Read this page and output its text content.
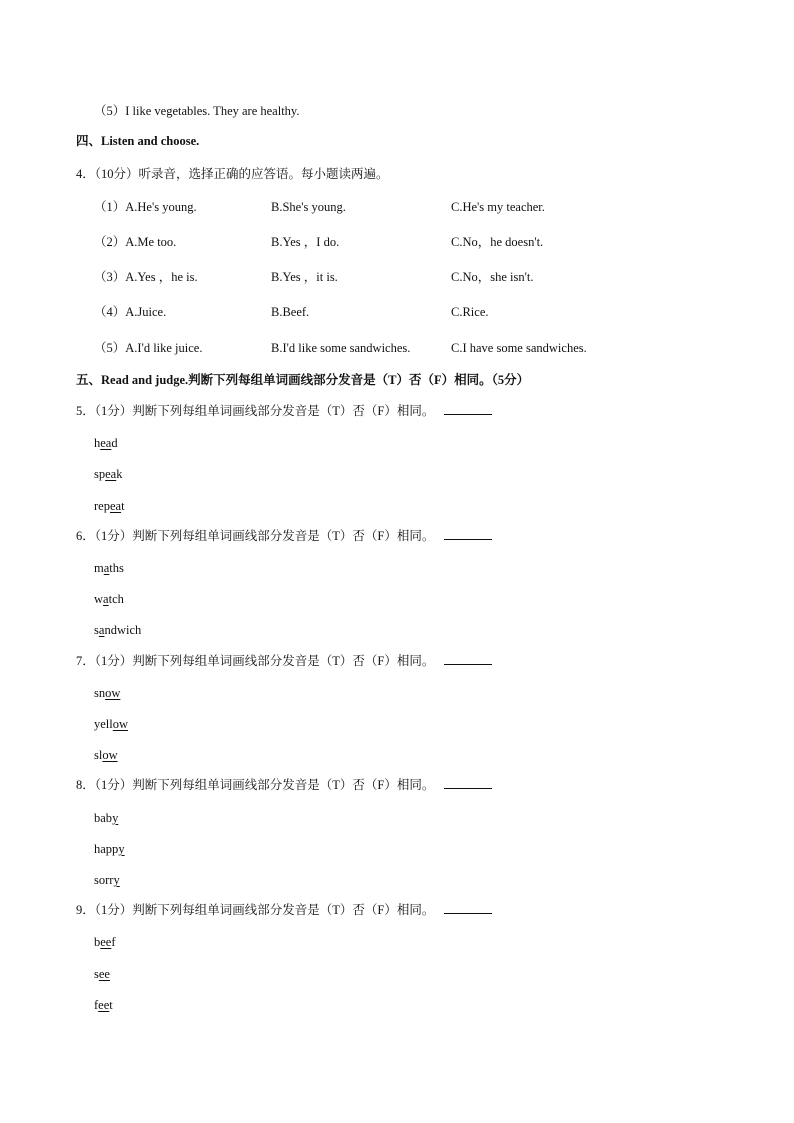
（5）I like vegetables. They are healthy.
四、Listen and choose.
4．（10分）听录音，选择正确的应答语。每小题读两遍。
（1）A.He's young.	B.She's young.	C.He's my teacher.
（2）A.Me too.	B.Yes ，I do.	C.No，he doesn't.
（3）A.Yes ，he is.	B.Yes ，it is.	C.No，she isn't.
（4）A.Juice.	B.Beef.	C.Rice.
（5）A.I'd like juice.	B.I'd like some sandwiches.	C.I have some sandwiches.
五、Read and judge.判断下列每组单词画线部分发音是（T）否（F）相同。（5分）
5．（1分）判断下列每组单词画线部分发音是（T）否（F）相同。
head
speak
repeat
6．（1分）判断下列每组单词画线部分发音是（T）否（F）相同。
maths
watch
sandwich
7．（1分）判断下列每组单词画线部分发音是（T）否（F）相同。
snow
yellow
slow
8．（1分）判断下列每组单词画线部分发音是（T）否（F）相同。
baby
happy
sorry
9．（1分）判断下列每组单词画线部分发音是（T）否（F）相同。
beef
see
feet
